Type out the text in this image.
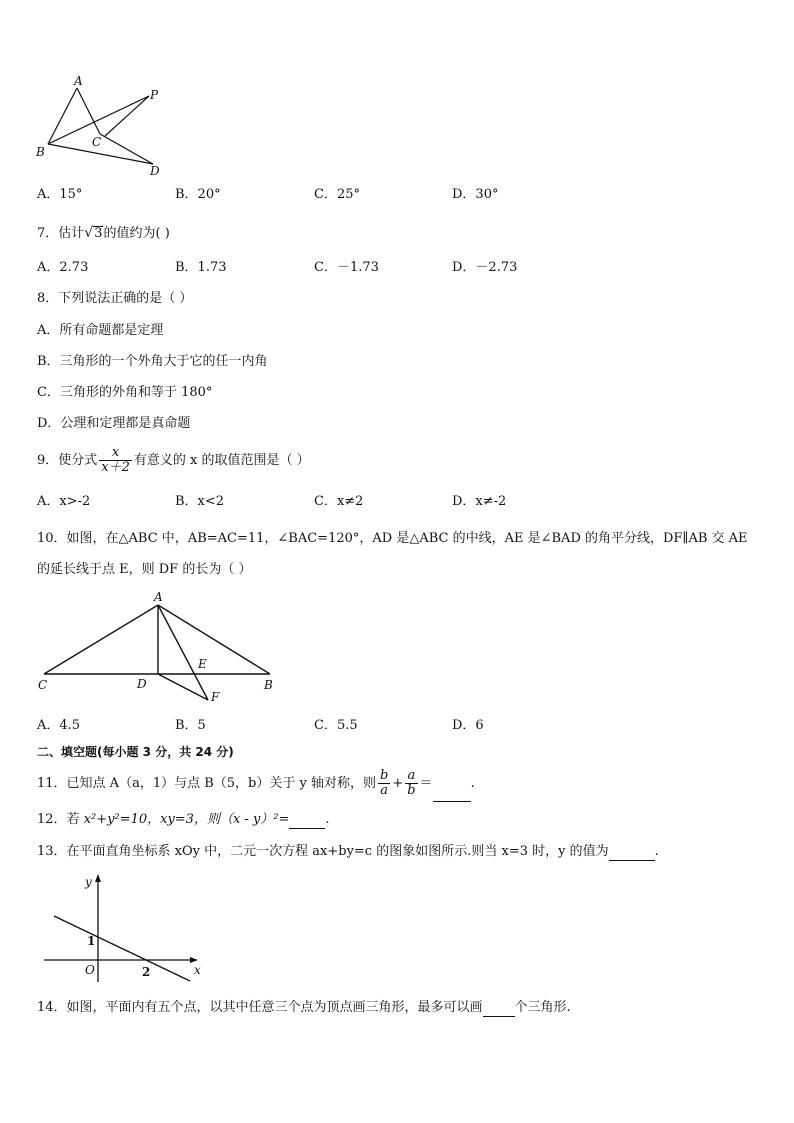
A
P
B
C
D
A．15°	B．20°	C．25°	D．30°
7．估计√3的值约为( )
A．2.73	B．1.73	C．－1.73	D．－2.73
8．下列说法正确的是（ ）
A．所有命题都是定理
B．三角形的一个外角大于它的任一内角
C．三角形的外角和等于 180°
D．公理和定理都是真命题
9．使分式 $\frac{x}{x+2}$ 有意义的 x 的取值范围是（ ）
A．x>-2	B．x<2	C．x≠2	D．x≠-2
10．如图，在△ABC 中，AB=AC=11，∠BAC=120°，AD 是△ABC 的中线，AE 是∠BAD 的角平分线，DF∥AB 交 AE
的延长线于点 E，则 DF 的长为（ ）
A
C	D
E
F
B
A．4.5	B．5	C．5.5	D．6
二、填空题(每小题 3 分，共 24 分)
11．已知点 A（a，1）与点 B（5，b）关于 y 轴对称，则 $\frac{b}{a} + \frac{a}{b}$ ＝	.
12．若 x²+y²=10，xy=3，则（x - y）²=	.
13．在平面直角坐标系 xOy 中，二元一次方程 ax+by=c 的图象如图所示.则当 x=3 时，y 的值为	.
y
x
O
1
2
14．如图，平面内有五个点，以其中任意三个点为顶点画三角形，最多可以画 个三角形.
